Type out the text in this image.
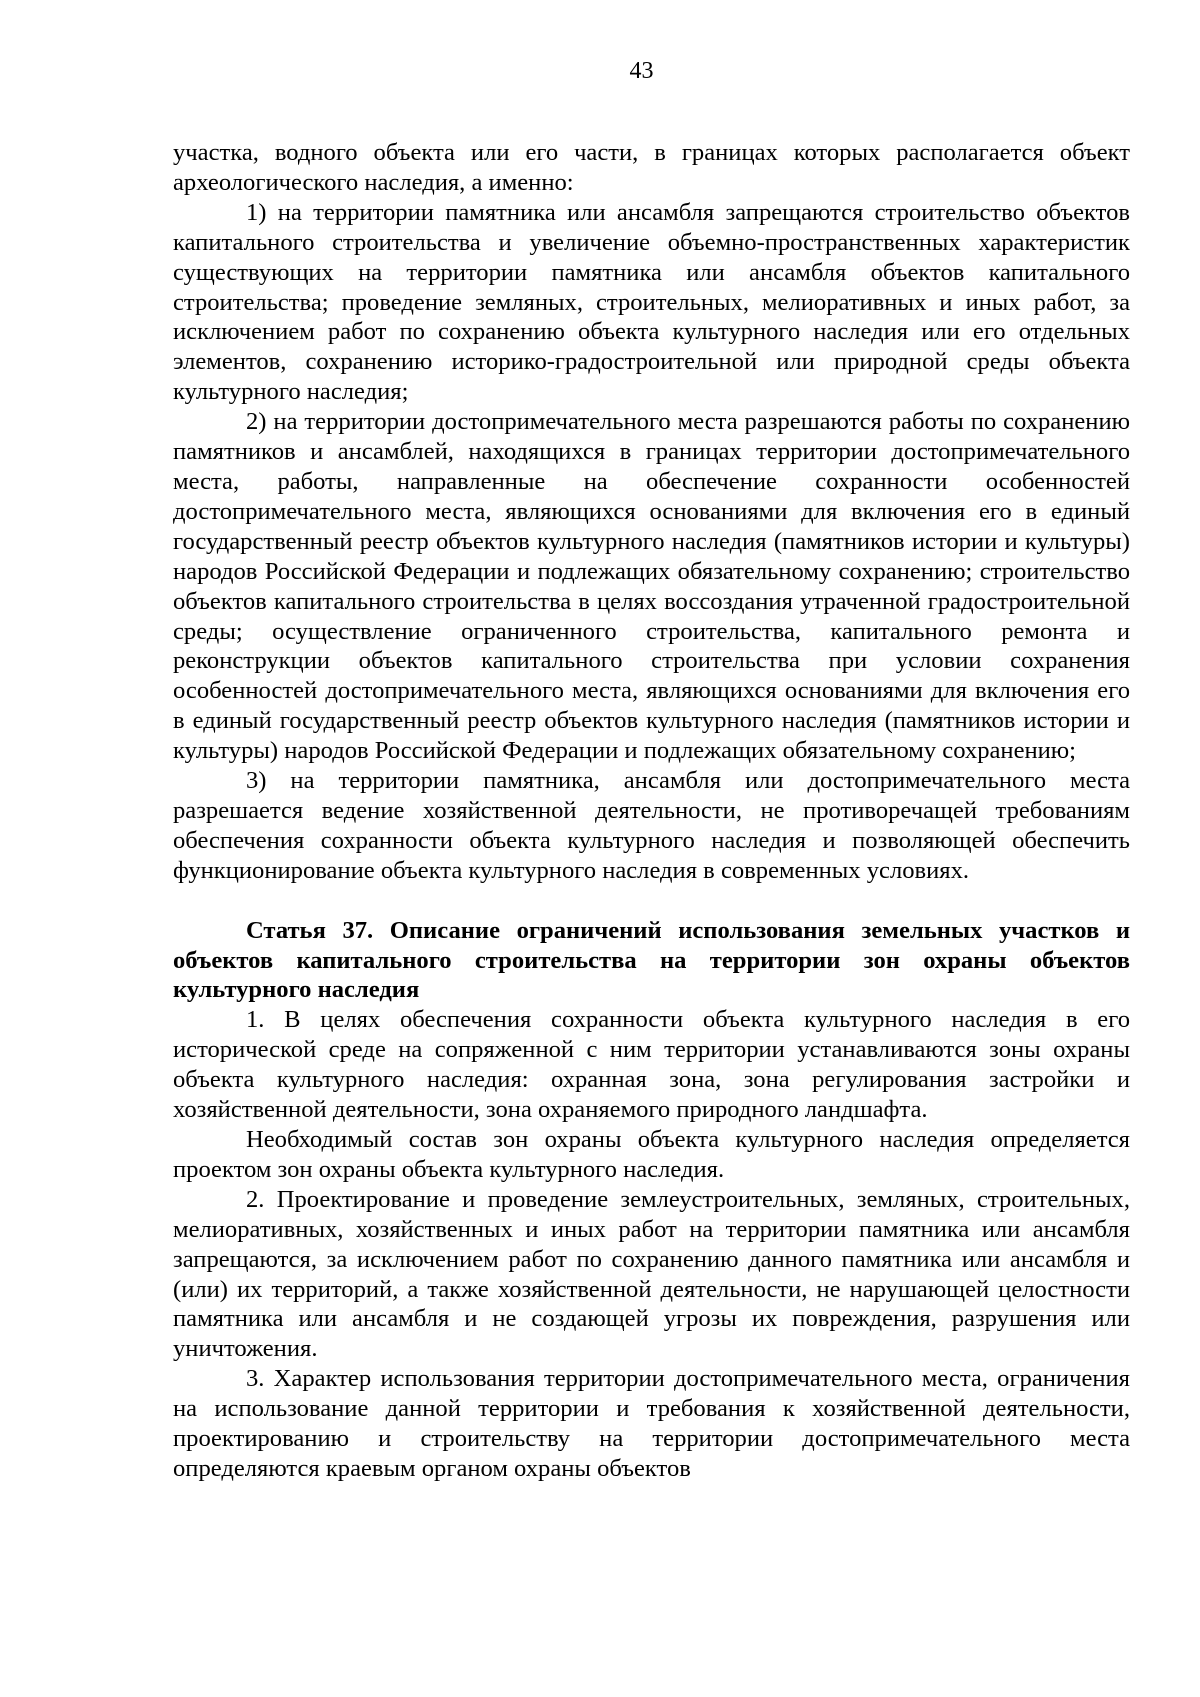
43

участка, водного объекта или его части, в границах которых располагается объект археологического наследия, а именно:

1) на территории памятника или ансамбля запрещаются строительство объектов капитального строительства и увеличение объемно-пространственных характеристик существующих на территории памятника или ансамбля объектов капитального строительства; проведение земляных, строительных, мелиоративных и иных работ, за исключением работ по сохранению объекта культурного наследия или его отдельных элементов, сохранению историко-градостроительной или природной среды объекта культурного наследия;

2) на территории достопримечательного места разрешаются работы по сохранению памятников и ансамблей, находящихся в границах территории достопримечательного места, работы, направленные на обеспечение сохранности особенностей достопримечательного места, являющихся основаниями для включения его в единый государственный реестр объектов культурного наследия (памятников истории и культуры) народов Российской Федерации и подлежащих обязательному сохранению; строительство объектов капитального строительства в целях воссоздания утраченной градостроительной среды; осуществление ограниченного строительства, капитального ремонта и реконструкции объектов капитального строительства при условии сохранения особенностей достопримечательного места, являющихся основаниями для включения его в единый государственный реестр объектов культурного наследия (памятников истории и культуры) народов Российской Федерации и подлежащих обязательному сохранению;

3) на территории памятника, ансамбля или достопримечательного места разрешается ведение хозяйственной деятельности, не противоречащей требованиям обеспечения сохранности объекта культурного наследия и позволяющей обеспечить функционирование объекта культурного наследия в современных условиях.

Статья 37. Описание ограничений использования земельных участков и объектов капитального строительства на территории зон охраны объектов культурного наследия

1. В целях обеспечения сохранности объекта культурного наследия в его исторической среде на сопряженной с ним территории устанавливаются зоны охраны объекта культурного наследия: охранная зона, зона регулирования застройки и хозяйственной деятельности, зона охраняемого природного ландшафта.

Необходимый состав зон охраны объекта культурного наследия определяется проектом зон охраны объекта культурного наследия.

2. Проектирование и проведение землеустроительных, земляных, строительных, мелиоративных, хозяйственных и иных работ на территории памятника или ансамбля запрещаются, за исключением работ по сохранению данного памятника или ансамбля и (или) их территорий, а также хозяйственной деятельности, не нарушающей целостности памятника или ансамбля и не создающей угрозы их повреждения, разрушения или уничтожения.

3. Характер использования территории достопримечательного места, ограничения на использование данной территории и требования к хозяйственной деятельности, проектированию и строительству на территории достопримечательного места определяются краевым органом охраны объектов
